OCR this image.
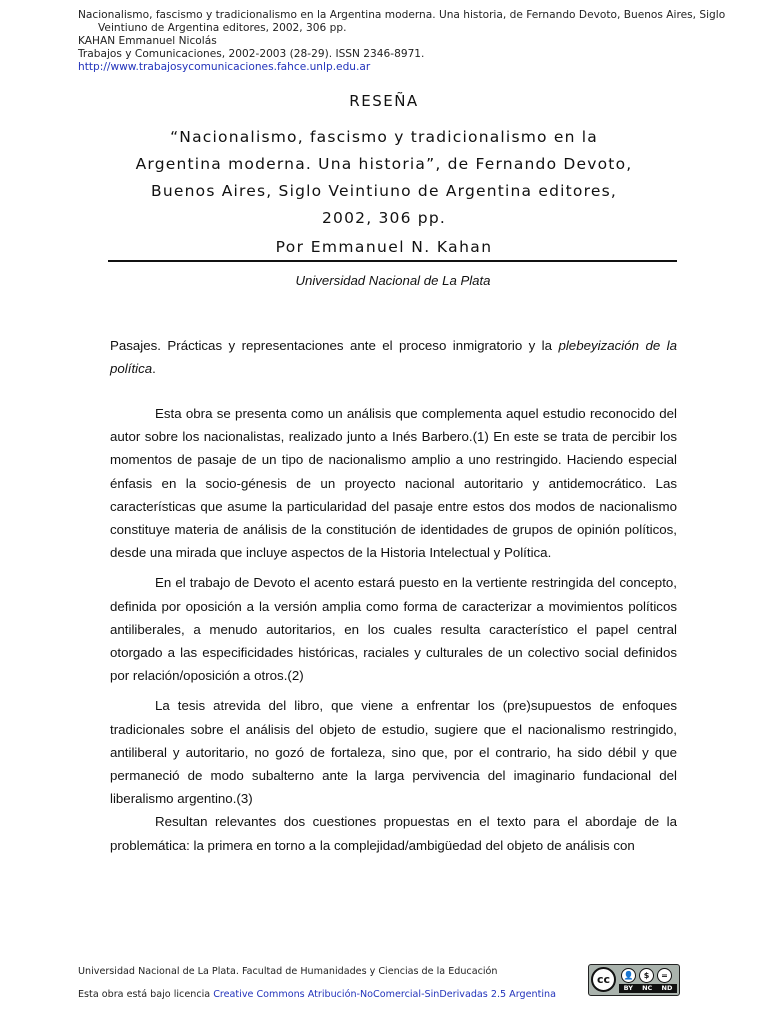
Nacionalismo, fascismo y tradicionalismo en la Argentina moderna. Una historia, de Fernando Devoto, Buenos Aires, Siglo
Veintiuno de Argentina editores, 2002, 306 pp.
KAHAN Emmanuel Nicolás
Trabajos y Comunicaciones, 2002-2003 (28-29). ISSN 2346-8971.
http://www.trabajosycomunicaciones.fahce.unlp.edu.ar
RESEÑA
“Nacionalismo, fascismo y tradicionalismo en la
Argentina moderna. Una historia”, de Fernando Devoto,
Buenos Aires, Siglo Veintiuno de Argentina editores,
2002, 306 pp.
Por Emmanuel N. Kahan
Universidad Nacional de La Plata

Pasajes. Prácticas y representaciones ante el proceso inmigratorio y la plebeyización de la política.

Esta obra se presenta como un análisis que complementa aquel estudio reconocido del autor sobre los nacionalistas, realizado junto a Inés Barbero.(1) En este se trata de percibir los momentos de pasaje de un tipo de nacionalismo amplio a uno restringido. Haciendo especial énfasis en la socio-génesis de un proyecto nacional autoritario y antidemocrático. Las características que asume la particularidad del pasaje entre estos dos modos de nacionalismo constituye materia de análisis de la constitución de identidades de grupos de opinión políticos, desde una mirada que incluye aspectos de la Historia Intelectual y Política.

En el trabajo de Devoto el acento estará puesto en la vertiente restringida del concepto, definida por oposición a la versión amplia como forma de caracterizar a movimientos políticos antiliberales, a menudo autoritarios, en los cuales resulta característico el papel central otorgado a las especificidades históricas, raciales y culturales de un colectivo social definidos por relación/oposición a otros.(2)

La tesis atrevida del libro, que viene a enfrentar los (pre)supuestos de enfoques tradicionales sobre el análisis del objeto de estudio, sugiere que el nacionalismo restringido, antiliberal y autoritario, no gozó de fortaleza, sino que, por el contrario, ha sido débil y que permaneció de modo subalterno ante la larga pervivencia del imaginario fundacional del liberalismo argentino.(3)

Resultan relevantes dos cuestiones propuestas en el texto para el abordaje de la problemática: la primera en torno a la complejidad/ambigüedad del objeto de análisis con

Universidad Nacional de La Plata. Facultad de Humanidades y Ciencias de la Educación
Esta obra está bajo licencia Creative Commons Atribución-NoComercial-SinDerivadas 2.5 Argentina
cc	👤	$	=
BY NC ND
